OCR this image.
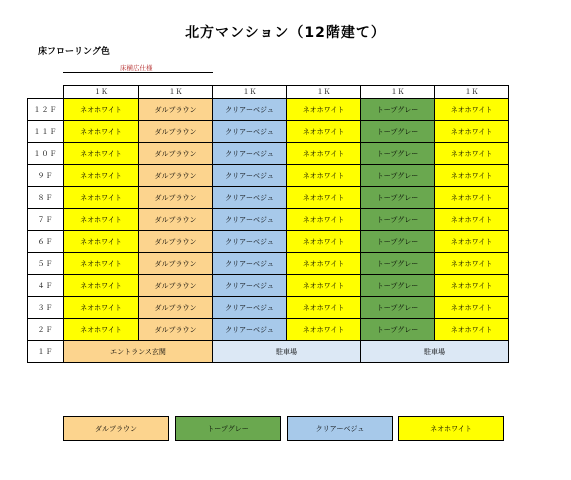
北方マンション（12階建て）
床フローリング色
床横広仕様
	１Ｋ	１Ｋ	１Ｋ	１Ｋ	１Ｋ	１Ｋ
１２Ｆ	ネオホワイト	ダルブラウン	クリアーベジュ	ネオホワイト	トープグレー	ネオホワイト
１１Ｆ	ネオホワイト	ダルブラウン	クリアーベジュ	ネオホワイト	トープグレー	ネオホワイト
１０Ｆ	ネオホワイト	ダルブラウン	クリアーベジュ	ネオホワイト	トープグレー	ネオホワイト
９Ｆ	ネオホワイト	ダルブラウン	クリアーベジュ	ネオホワイト	トープグレー	ネオホワイト
８Ｆ	ネオホワイト	ダルブラウン	クリアーベジュ	ネオホワイト	トープグレー	ネオホワイト
７Ｆ	ネオホワイト	ダルブラウン	クリアーベジュ	ネオホワイト	トープグレー	ネオホワイト
６Ｆ	ネオホワイト	ダルブラウン	クリアーベジュ	ネオホワイト	トープグレー	ネオホワイト
５Ｆ	ネオホワイト	ダルブラウン	クリアーベジュ	ネオホワイト	トープグレー	ネオホワイト
４Ｆ	ネオホワイト	ダルブラウン	クリアーベジュ	ネオホワイト	トープグレー	ネオホワイト
３Ｆ	ネオホワイト	ダルブラウン	クリアーベジュ	ネオホワイト	トープグレー	ネオホワイト
２Ｆ	ネオホワイト	ダルブラウン	クリアーベジュ	ネオホワイト	トープグレー	ネオホワイト
１Ｆ	エントランス玄関		駐車場		駐車場	
ダルブラウン	トープグレー	クリアーベジュ	ネオホワイト
